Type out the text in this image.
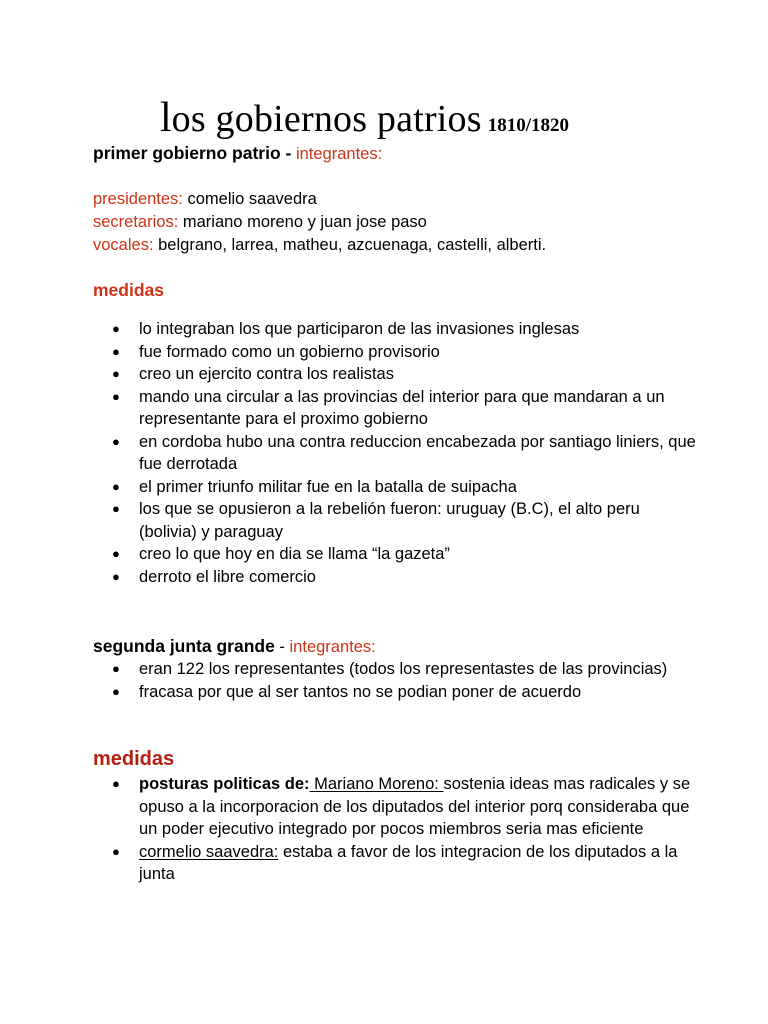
los gobiernos patrios 1810/1820
primer gobierno patrio - integrantes:
presidentes: comelio saavedra
secretarios: mariano moreno y juan jose paso
vocales: belgrano, larrea, matheu, azcuenaga, castelli, alberti.
medidas
● lo integraban los que participaron de las invasiones inglesas
● fue formado como un gobierno provisorio
● creo un ejercito contra los realistas
● mando una circular a las provincias del interior para que mandaran a un representante para el proximo gobierno
● en cordoba hubo una contra reduccion encabezada por santiago liniers, que fue derrotada
● el primer triunfo militar fue en la batalla de suipacha
● los que se opusieron a la rebelión fueron: uruguay (B.C), el alto peru (bolivia) y paraguay
● creo lo que hoy en dia se llama “la gazeta”
● derroto el libre comercio
segunda junta grande - integrantes:
● eran 122 los representantes (todos los representastes de las provincias)
● fracasa por que al ser tantos no se podian poner de acuerdo
medidas
● posturas politicas de: Mariano Moreno: sostenia ideas mas radicales y se opuso a la incorporacion de los diputados del interior porq consideraba que un poder ejecutivo integrado por pocos miembros seria mas eficiente
● cormelio saavedra: estaba a favor de los integracion de los diputados a la junta
